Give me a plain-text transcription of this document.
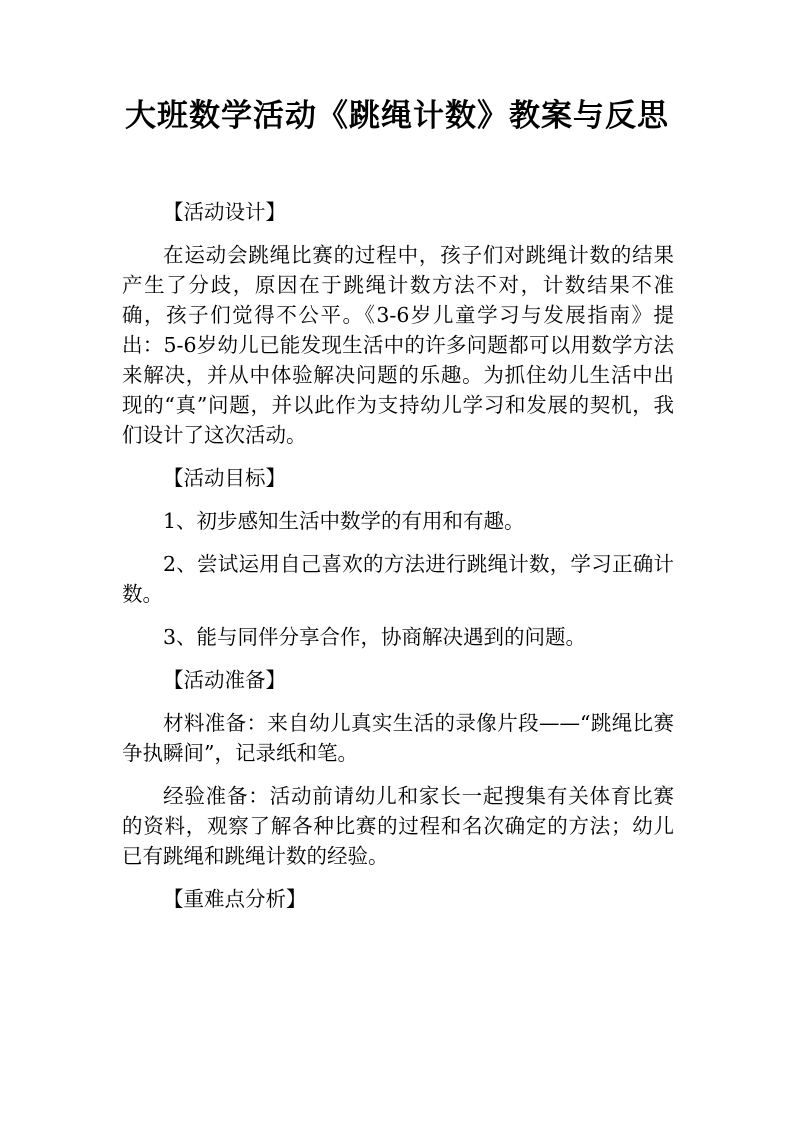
大班数学活动《跳绳计数》教案与反思

【活动设计】

在运动会跳绳比赛的过程中，孩子们对跳绳计数的结果产生了分歧，原因在于跳绳计数方法不对，计数结果不准确，孩子们觉得不公平。《3-6岁儿童学习与发展指南》提出：5-6岁幼儿已能发现生活中的许多问题都可以用数学方法来解决，并从中体验解决问题的乐趣。为抓住幼儿生活中出现的“真”问题，并以此作为支持幼儿学习和发展的契机，我们设计了这次活动。

【活动目标】

1、初步感知生活中数学的有用和有趣。

2、尝试运用自己喜欢的方法进行跳绳计数，学习正确计数。

3、能与同伴分享合作，协商解决遇到的问题。

【活动准备】

材料准备：来自幼儿真实生活的录像片段——“跳绳比赛争执瞬间”，记录纸和笔。

经验准备：活动前请幼儿和家长一起搜集有关体育比赛的资料，观察了解各种比赛的过程和名次确定的方法；幼儿已有跳绳和跳绳计数的经验。

【重难点分析】
